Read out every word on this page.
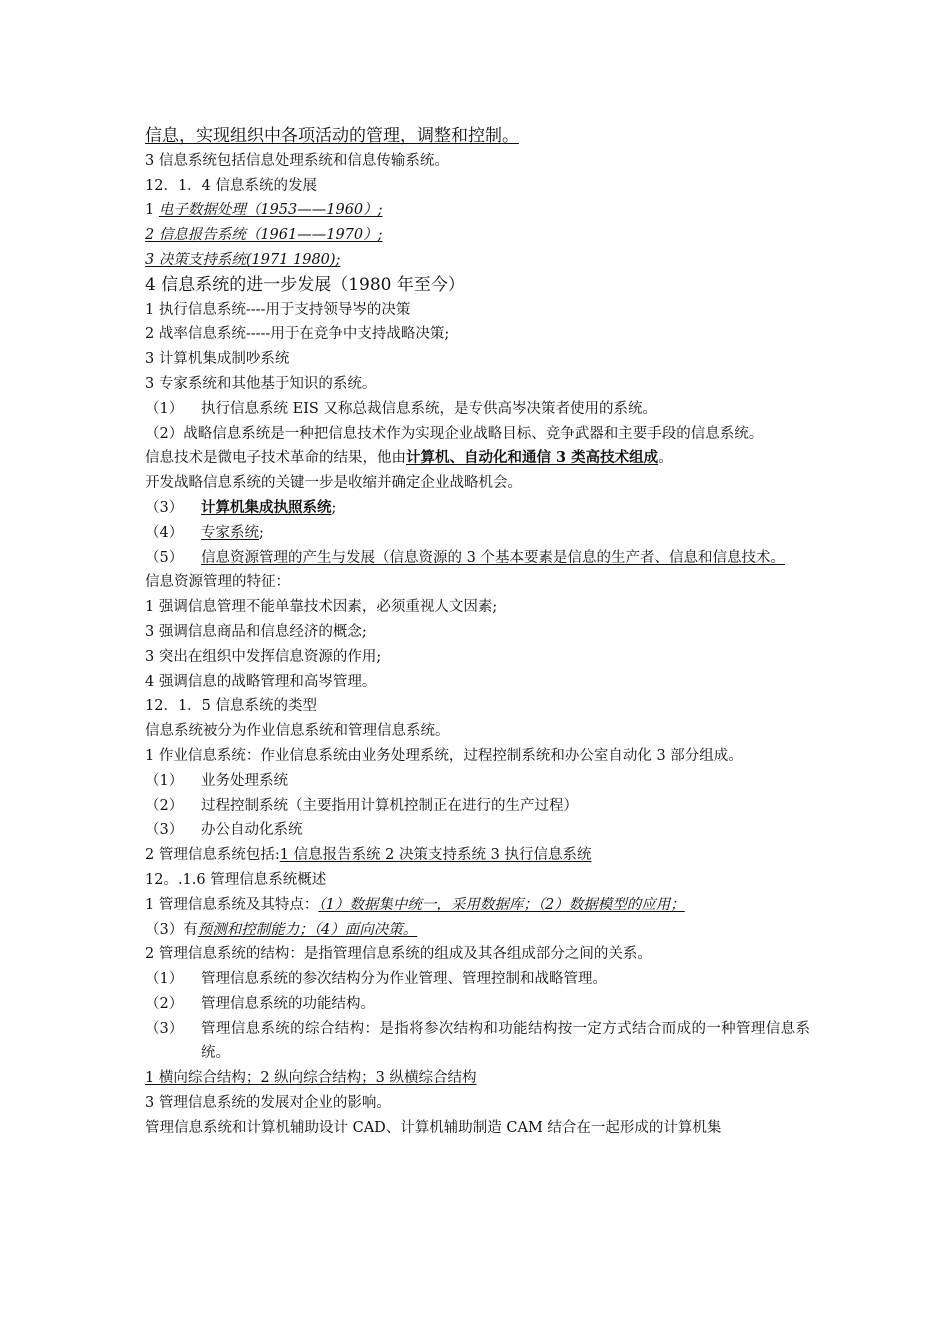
信息，实现组织中各项活动的管理，调整和控制。
3 信息系统包括信息处理系统和信息传输系统。
12．1．4 信息系统的发展
1 电子数据处理（1953——1960）;
2 信息报告系统（1961——1970）;
3 决策支持系统(1971 1980);
4 信息系统的进一步发展（1980 年至今）
1 执行信息系统----用于支持领导岑的决策
2 战率信息系统-----用于在竞争中支持战略决策;
3 计算机集成制吵系统
3 专家系统和其他基于知识的系统。
（1）	执行信息系统 EIS 又称总裁信息系统，是专供高岑决策者使用的系统。
（2）战略信息系统是一种把信息技术作为实现企业战略目标、竞争武器和主要手段的信息系统。
信息技术是微电子技术革命的结果，他由计算机、自动化和通信 3 类高技术组成。
开发战略信息系统的关键一步是收缩并确定企业战略机会。
（3）	计算机集成执照系统;
（4）	专家系统;
（5）	信息资源管理的产生与发展（信息资源的 3 个基本要素是信息的生产者、信息和信息技术。
信息资源管理的特征：
1 强调信息管理不能单靠技术因素，必须重视人文因素;
3 强调信息商品和信息经济的概念;
3 突出在组织中发挥信息资源的作用;
4 强调信息的战略管理和高岑管理。
12．1．5 信息系统的类型
信息系统被分为作业信息系统和管理信息系统。
1 作业信息系统：作业信息系统由业务处理系统，过程控制系统和办公室自动化 3 部分组成。
（1）	业务处理系统
（2）	过程控制系统（主要指用计算机控制正在进行的生产过程）
（3）	办公自动化系统
2 管理信息系统包括:1 信息报告系统 2 决策支持系统 3 执行信息系统
12。.1.6 管理信息系统概述
1 管理信息系统及其特点：（1）数据集中统一，采用数据库；（2）数据模型的应用；
（3）有预测和控制能力；（4）面向决策。
2 管理信息系统的结构：是指管理信息系统的组成及其各组成部分之间的关系。
（1）	管理信息系统的参次结构分为作业管理、管理控制和战略管理。
（2）	管理信息系统的功能结构。
（3）	管理信息系统的综合结构：是指将参次结构和功能结构按一定方式结合而成的一种管理信息系统。
1 横向综合结构；2 纵向综合结构；3 纵横综合结构
3 管理信息系统的发展对企业的影响。
管理信息系统和计算机辅助设计 CAD、计算机辅助制造 CAM 结合在一起形成的计算机集
